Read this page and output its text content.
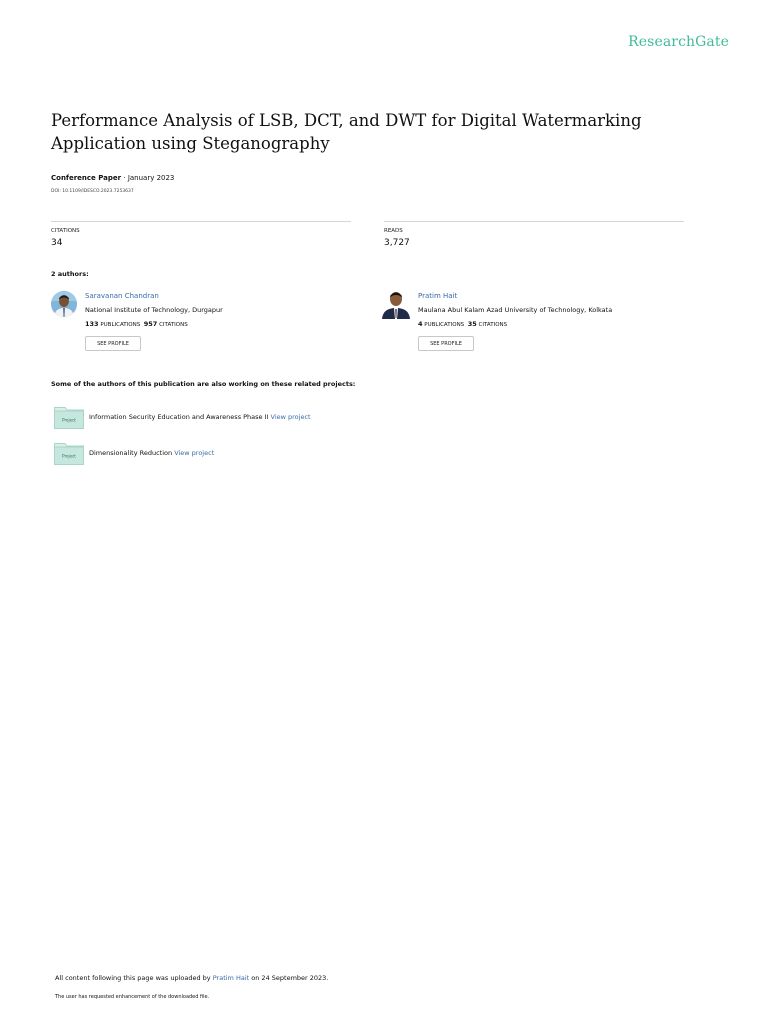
ResearchGate
Performance Analysis of LSB, DCT, and DWT for Digital Watermarking Application using Steganography
Conference Paper · January 2023
DOI: 10.1109/IDESCO.2023.7253637
CITATIONS
34
READS
3,727
2 authors:
Saravanan Chandran
National Institute of Technology, Durgapur
133 PUBLICATIONS 957 CITATIONS
SEE PROFILE
Pratim Hait
Maulana Abul Kalam Azad University of Technology, Kolkata
4 PUBLICATIONS 35 CITATIONS
SEE PROFILE
Some of the authors of this publication are also working on these related projects:
Project Information Security Education and Awareness Phase II View project
Project Dimensionality Reduction View project
All content following this page was uploaded by Pratim Hait on 24 September 2023.
The user has requested enhancement of the downloaded file.
